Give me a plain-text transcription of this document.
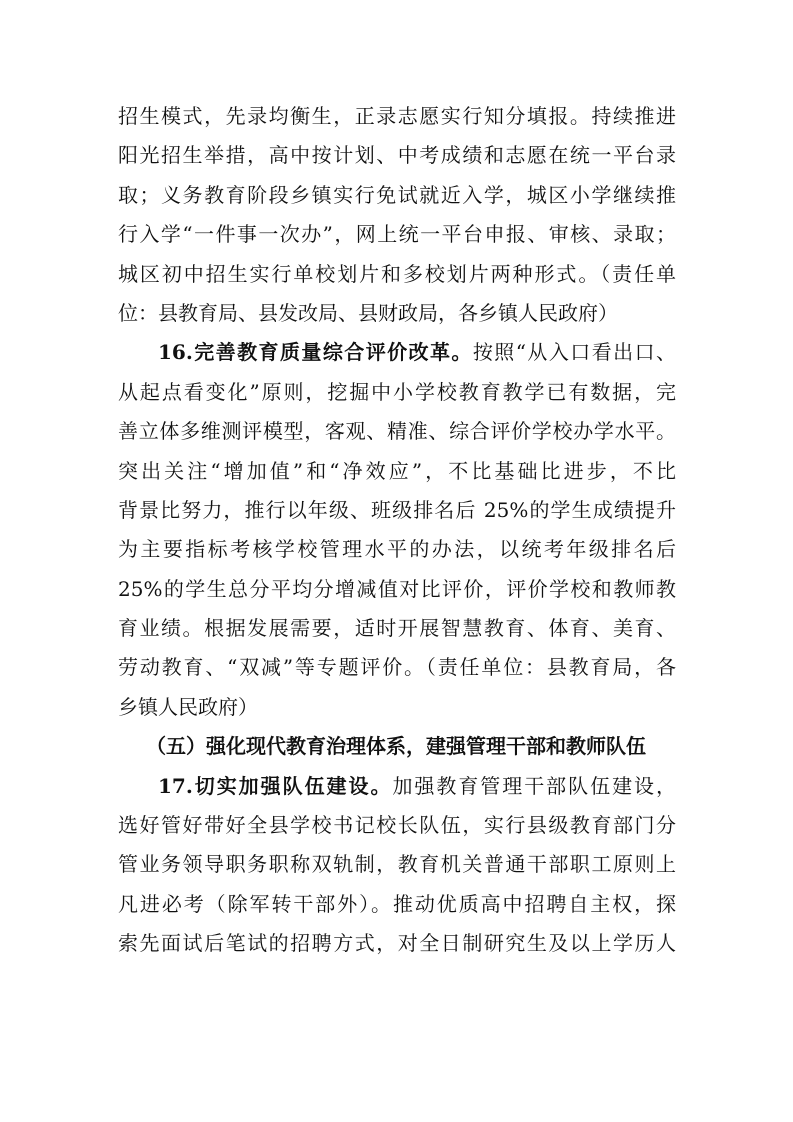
招生模式，先录均衡生，正录志愿实行知分填报。持续推进
阳光招生举措，高中按计划、中考成绩和志愿在统一平台录
取；义务教育阶段乡镇实行免试就近入学，城区小学继续推
行入学“一件事一次办”，网上统一平台申报、审核、录取；
城区初中招生实行单校划片和多校划片两种形式。（责任单
位：县教育局、县发改局、县财政局，各乡镇人民政府）
16.完善教育质量综合评价改革。按照“从入口看出口、
从起点看变化”原则，挖掘中小学校教育教学已有数据，完
善立体多维测评模型，客观、精准、综合评价学校办学水平。
突出关注“增加值”和“净效应”，不比基础比进步，不比
背景比努力，推行以年级、班级排名后 25%的学生成绩提升
为主要指标考核学校管理水平的办法，以统考年级排名后
25%的学生总分平均分增减值对比评价，评价学校和教师教
育业绩。根据发展需要，适时开展智慧教育、体育、美育、
劳动教育、“双减”等专题评价。（责任单位：县教育局，各
乡镇人民政府）
（五）强化现代教育治理体系，建强管理干部和教师队伍
17.切实加强队伍建设。加强教育管理干部队伍建设，
选好管好带好全县学校书记校长队伍，实行县级教育部门分
管业务领导职务职称双轨制，教育机关普通干部职工原则上
凡进必考（除军转干部外）。推动优质高中招聘自主权，探
索先面试后笔试的招聘方式，对全日制研究生及以上学历人
